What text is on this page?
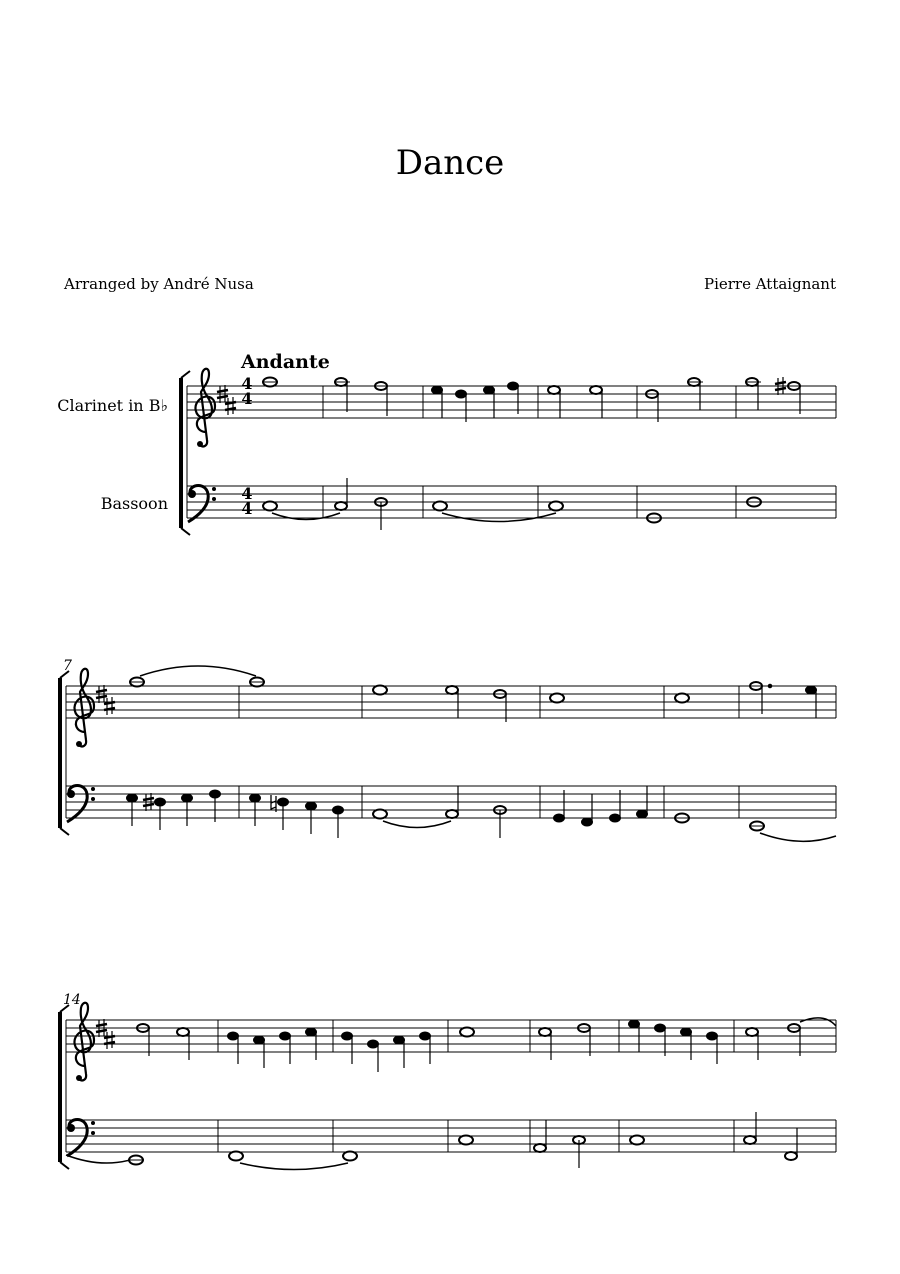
Dance
Arranged by André Nusa	Pierre Attaignant
Andante
Clarinet in B♭
Bassoon
7
14
4
4
4
4
